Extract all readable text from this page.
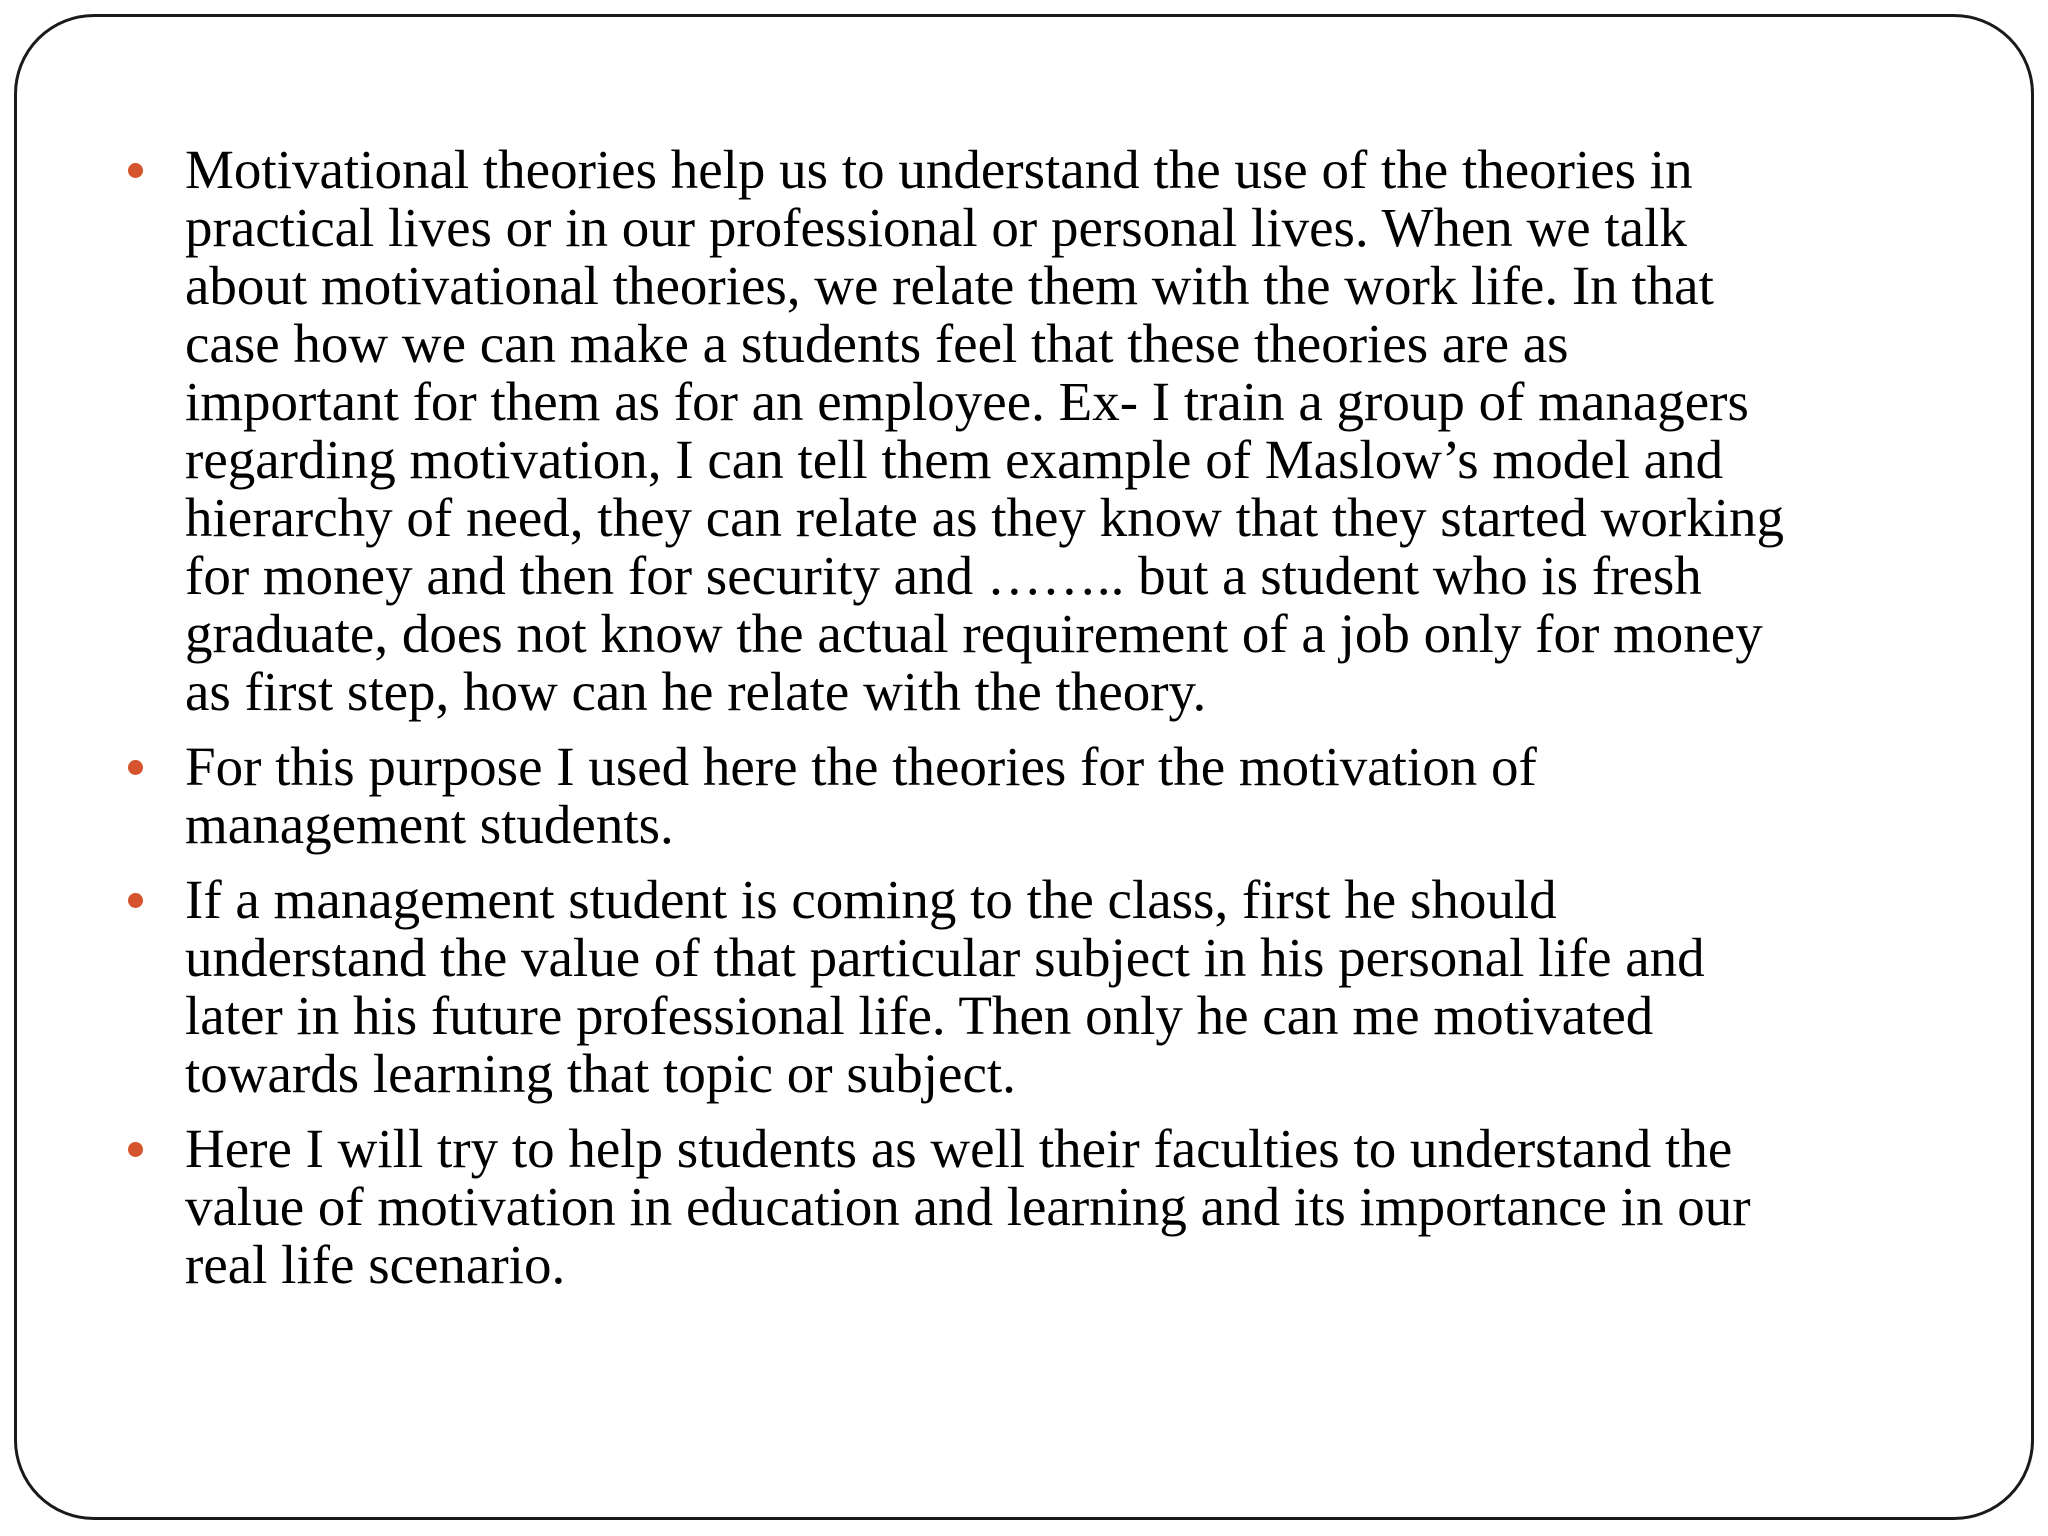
Motivational theories help us to understand the use of the theories in
practical lives or in our professional or personal lives. When we talk
about motivational theories, we relate them with the work life. In that
case how we can make a students feel that these theories are as
important for them as for an employee. Ex- I train a group of managers
regarding motivation, I can tell them example of Maslow’s model and
hierarchy of need, they can relate as they know that they started working
for money and then for security and …….. but a student who is fresh
graduate, does not know the actual requirement of a job only for money
as first step, how can he relate with the theory.
For this purpose I used here the theories for the motivation of
management students.
If a management student is coming to the class, first he should
understand the value of that particular subject in his personal life and
later in his future professional life. Then only he can me motivated
towards learning that topic or subject.
Here I will try to help students as well their faculties to understand the
value of motivation in education and learning and its importance in our
real life scenario.
